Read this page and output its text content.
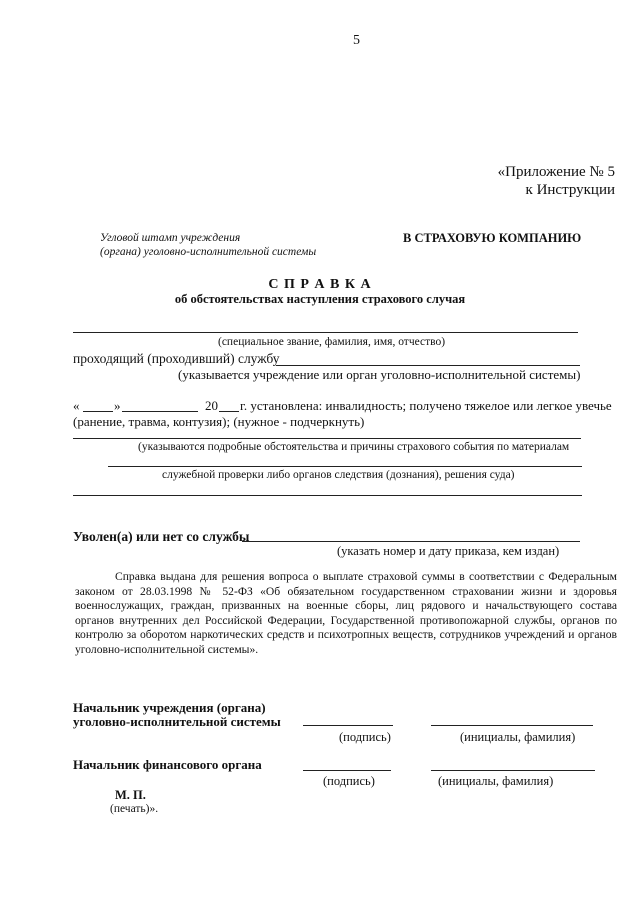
5
«Приложение № 5
к Инструкции
Угловой штамп учреждения
(органа) уголовно-исполнительной системы
В СТРАХОВУЮ КОМПАНИЮ
С П Р А В К А
об обстоятельствах наступления страхового случая
(специальное звание, фамилия, имя, отчество)
проходящий (проходивший) службу
(указывается учреждение или орган уголовно-исполнительной системы)
«	»	20 г. установлена: инвалидность; получено тяжелое или легкое увечье
(ранение, травма, контузия); (нужное - подчеркнуть)
(указываются подробные обстоятельства и причины страхового события по материалам
служебной проверки либо органов следствия (дознания), решения суда)
Уволен(а) или нет со службы
(указать номер и дату приказа, кем издан)
Справка выдана для решения вопроса о выплате страховой суммы в соответствии с Федеральным законом от 28.03.1998 № 52-ФЗ «Об обязательном государственном страховании жизни и здоровья военнослужащих, граждан, призванных на военные сборы, лиц рядового и начальствующего состава органов внутренних дел Российской Федерации, Государственной противопожарной службы, органов по контролю за оборотом наркотических средств и психотропных веществ, сотрудников учреждений и органов уголовно-исполнительной системы».
Начальник учреждения (органа)
уголовно-исполнительной системы
(подпись)	(инициалы, фамилия)
Начальник финансового органа
(подпись)	(инициалы, фамилия)
М. П.
(печать)».
